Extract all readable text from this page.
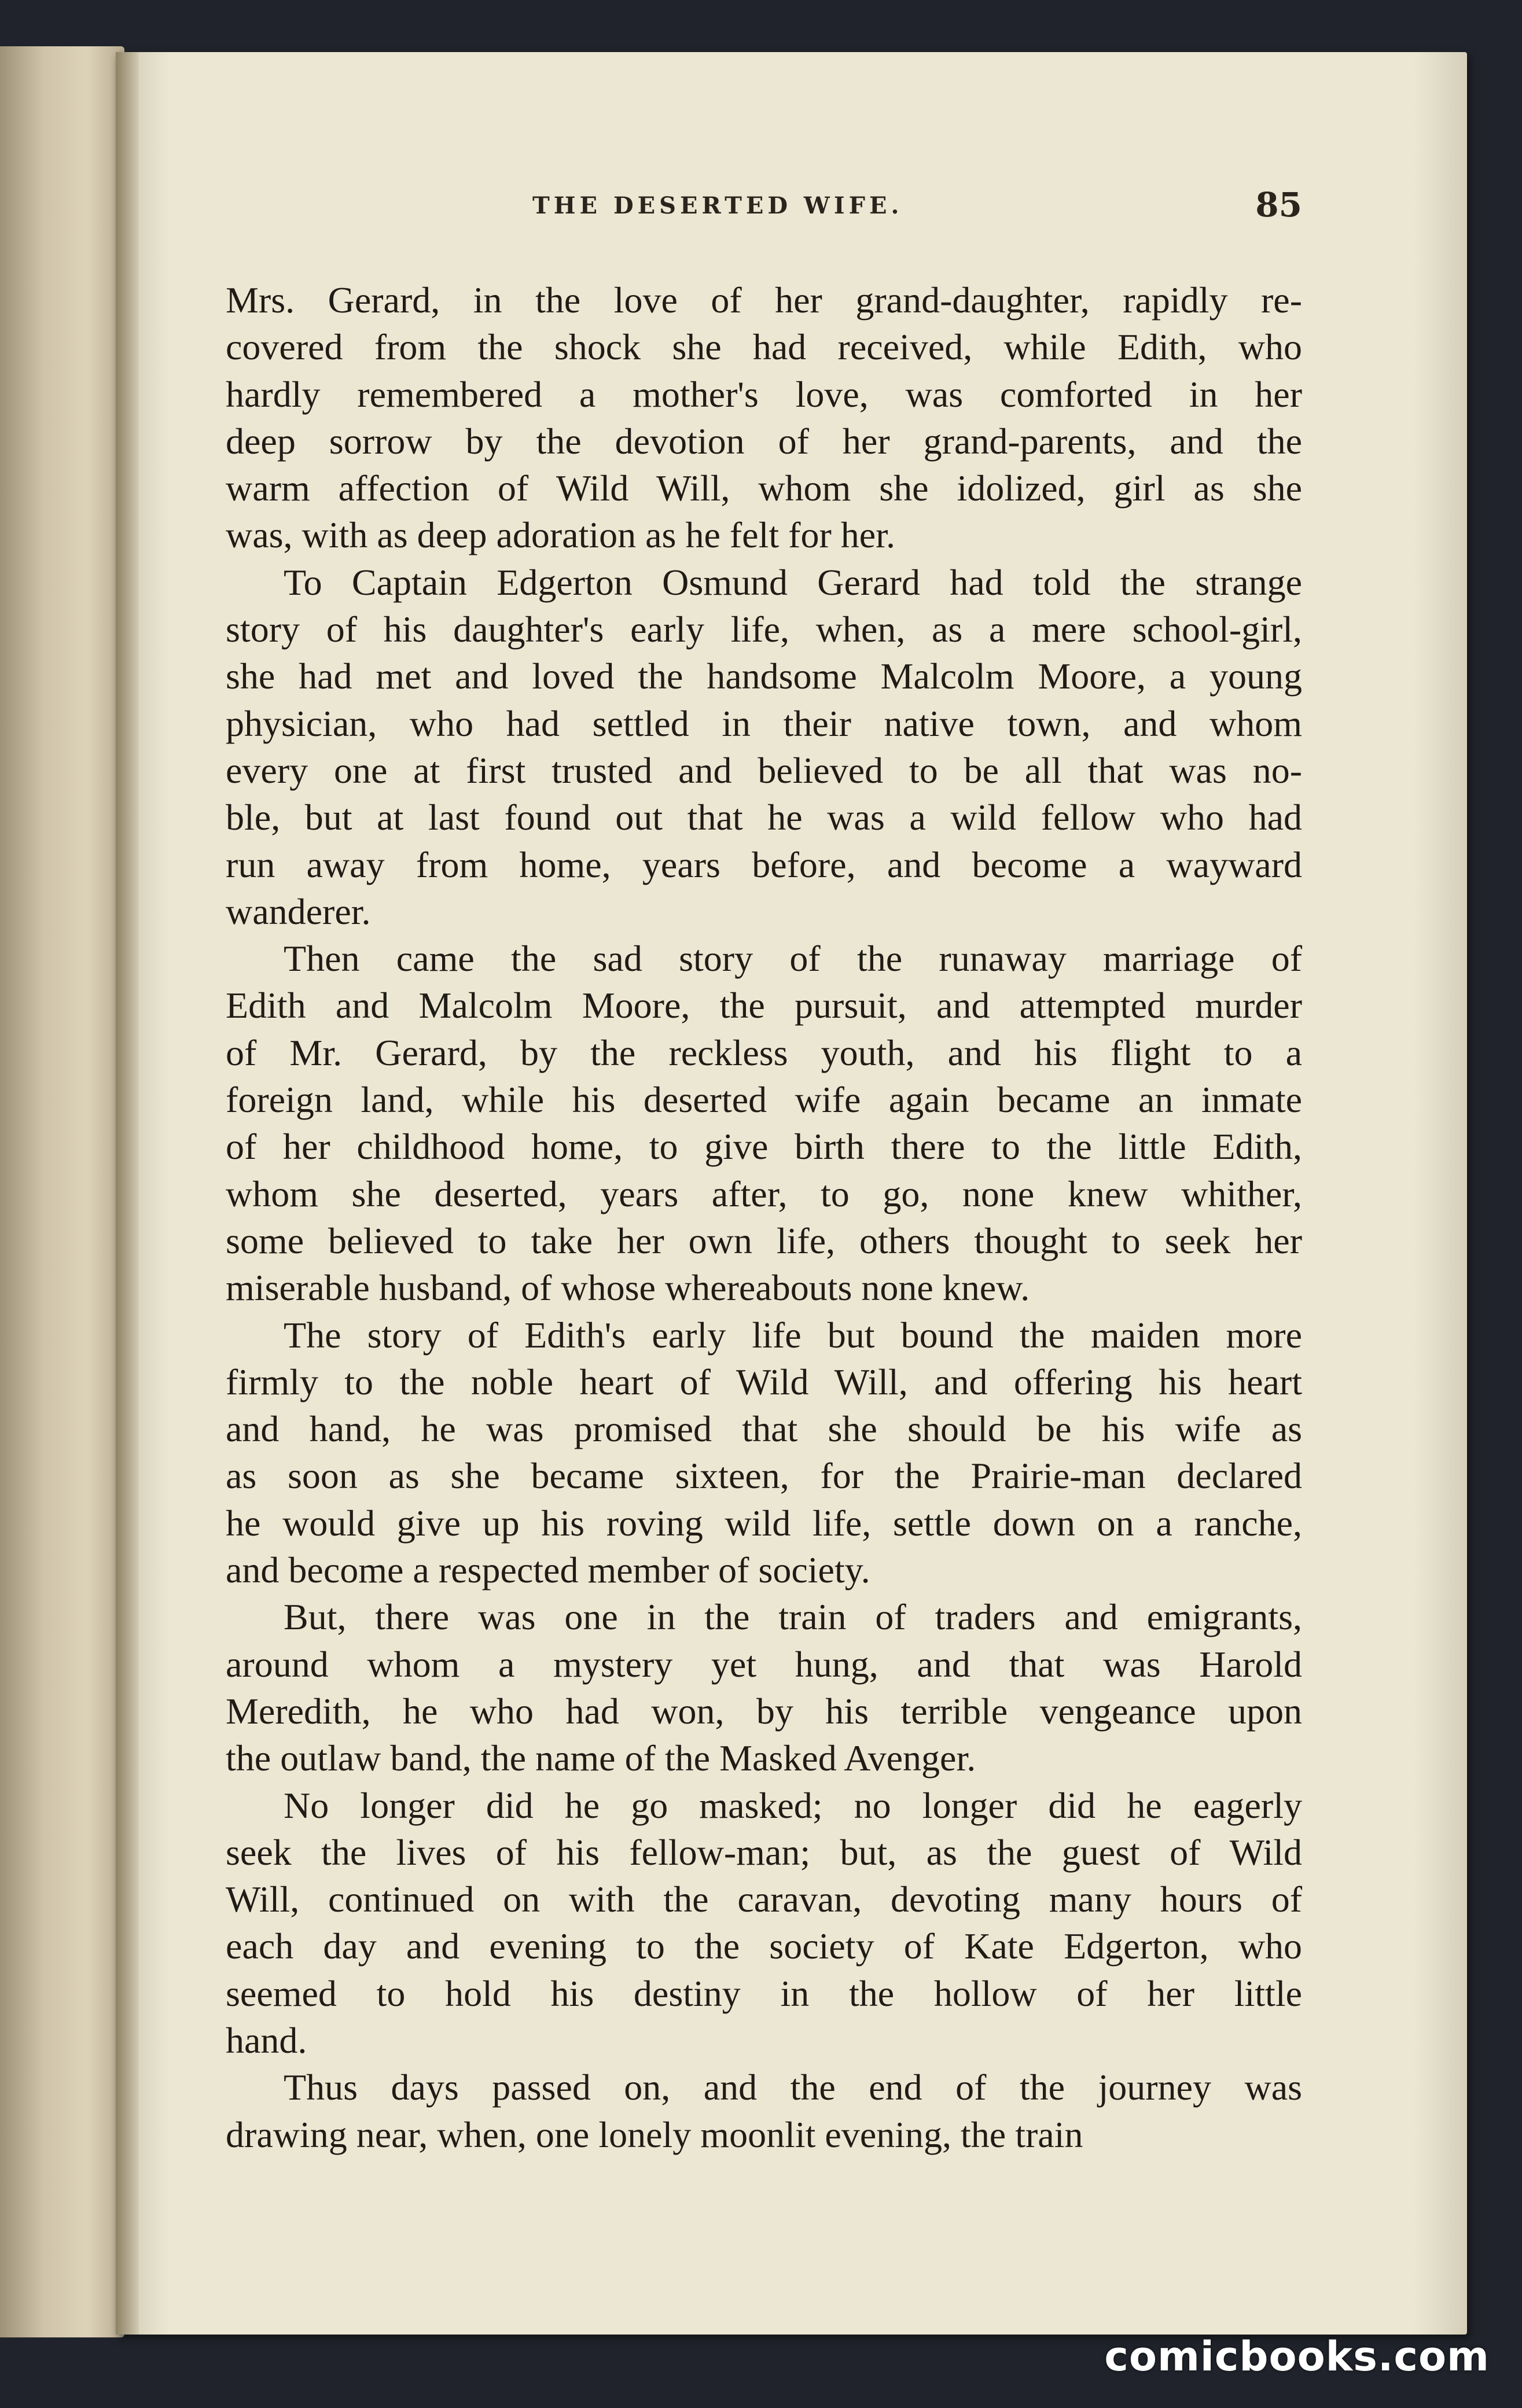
THE DESERTED WIFE.	85
Mrs. Gerard, in the love of her grand-daughter, rapidly re-
covered from the shock she had received, while Edith, who
hardly remembered a mother's love, was comforted in her
deep sorrow by the devotion of her grand-parents, and the
warm affection of Wild Will, whom she idolized, girl as she
was, with as deep adoration as he felt for her.
To Captain Edgerton Osmund Gerard had told the strange
story of his daughter's early life, when, as a mere school-girl,
she had met and loved the handsome Malcolm Moore, a young
physician, who had settled in their native town, and whom
every one at first trusted and believed to be all that was no-
ble, but at last found out that he was a wild fellow who had
run away from home, years before, and become a wayward
wanderer.
Then came the sad story of the runaway marriage of
Edith and Malcolm Moore, the pursuit, and attempted murder
of Mr. Gerard, by the reckless youth, and his flight to a
foreign land, while his deserted wife again became an inmate
of her childhood home, to give birth there to the little Edith,
whom she deserted, years after, to go, none knew whither,
some believed to take her own life, others thought to seek her
miserable husband, of whose whereabouts none knew.
The story of Edith's early life but bound the maiden more
firmly to the noble heart of Wild Will, and offering his heart
and hand, he was promised that she should be his wife as
as soon as she became sixteen, for the Prairie-man declared
he would give up his roving wild life, settle down on a ranche,
and become a respected member of society.
But, there was one in the train of traders and emigrants,
around whom a mystery yet hung, and that was Harold
Meredith, he who had won, by his terrible vengeance upon
the outlaw band, the name of the Masked Avenger.
No longer did he go masked; no longer did he eagerly
seek the lives of his fellow-man; but, as the guest of Wild
Will, continued on with the caravan, devoting many hours of
each day and evening to the society of Kate Edgerton, who
seemed to hold his destiny in the hollow of her little
hand.
Thus days passed on, and the end of the journey was
drawing near, when, one lonely moonlit evening, the train
comicbooks.com
